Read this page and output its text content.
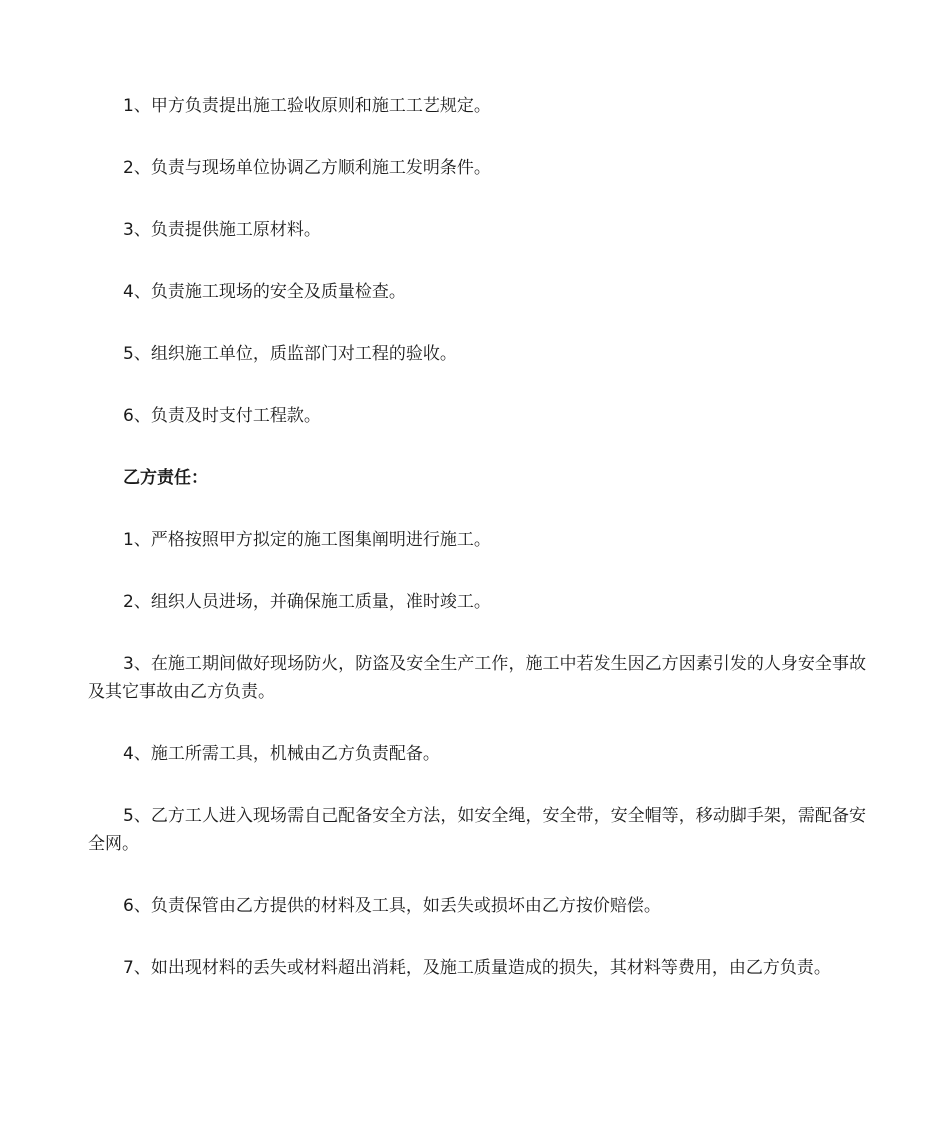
1、甲方负责提出施工验收原则和施工工艺规定。

2、负责与现场单位协调乙方顺利施工发明条件。

3、负责提供施工原材料。

4、负责施工现场的安全及质量检查。

5、组织施工单位，质监部门对工程的验收。

6、负责及时支付工程款。

乙方责任：

1、严格按照甲方拟定的施工图集阐明进行施工。

2、组织人员进场，并确保施工质量，准时竣工。

3、在施工期间做好现场防火，防盗及安全生产工作，施工中若发生因乙方因素引发的人身安全事故及其它事故由乙方负责。

4、施工所需工具，机械由乙方负责配备。

5、乙方工人进入现场需自己配备安全方法，如安全绳，安全带，安全帽等，移动脚手架，需配备安全网。

6、负责保管由乙方提供的材料及工具，如丢失或损坏由乙方按价赔偿。

7、如出现材料的丢失或材料超出消耗，及施工质量造成的损失，其材料等费用，由乙方负责。
